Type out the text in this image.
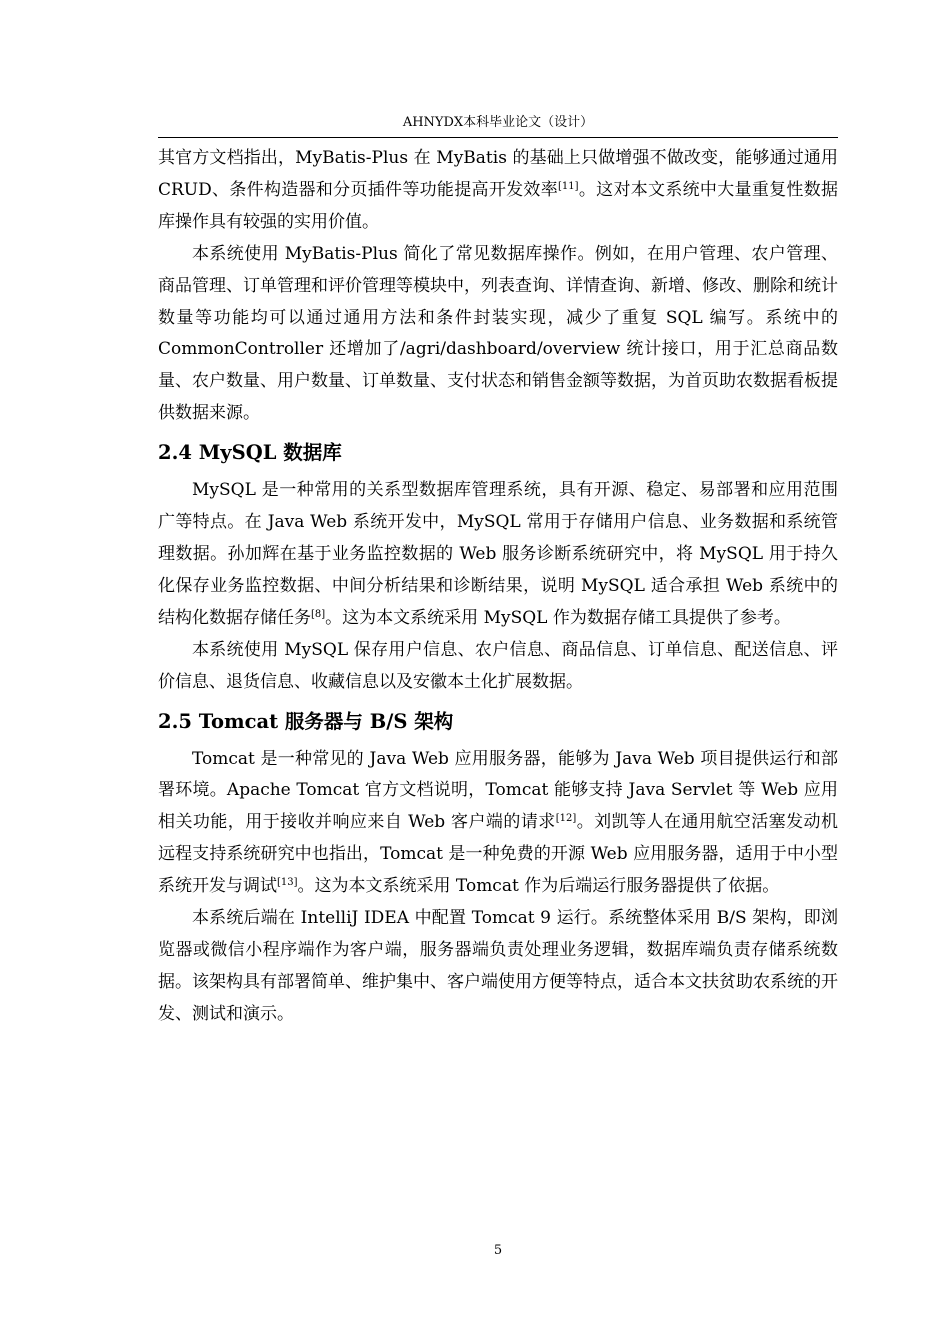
AHNYDX本科毕业论文（设计）

其官方文档指出，MyBatis-Plus 在 MyBatis 的基础上只做增强不做改变，能够通过通用 CRUD、条件构造器和分页插件等功能提高开发效率[11]。这对本文系统中大量重复性数据库操作具有较强的实用价值。

本系统使用 MyBatis-Plus 简化了常见数据库操作。例如，在用户管理、农户管理、商品管理、订单管理和评价管理等模块中，列表查询、详情查询、新增、修改、删除和统计数量等功能均可以通过通用方法和条件封装实现，减少了重复 SQL 编写。系统中的 CommonController 还增加了/agri/dashboard/overview 统计接口，用于汇总商品数量、农户数量、用户数量、订单数量、支付状态和销售金额等数据，为首页助农数据看板提供数据来源。

2.4 MySQL 数据库

MySQL 是一种常用的关系型数据库管理系统，具有开源、稳定、易部署和应用范围广等特点。在 Java Web 系统开发中，MySQL 常用于存储用户信息、业务数据和系统管理数据。孙加辉在基于业务监控数据的 Web 服务诊断系统研究中，将 MySQL 用于持久化保存业务监控数据、中间分析结果和诊断结果，说明 MySQL 适合承担 Web 系统中的结构化数据存储任务[8]。这为本文系统采用 MySQL 作为数据存储工具提供了参考。

本系统使用 MySQL 保存用户信息、农户信息、商品信息、订单信息、配送信息、评价信息、退货信息、收藏信息以及安徽本土化扩展数据。

2.5 Tomcat 服务器与 B/S 架构

Tomcat 是一种常见的 Java Web 应用服务器，能够为 Java Web 项目提供运行和部署环境。Apache Tomcat 官方文档说明，Tomcat 能够支持 Java Servlet 等 Web 应用相关功能，用于接收并响应来自 Web 客户端的请求[12]。刘凯等人在通用航空活塞发动机远程支持系统研究中也指出，Tomcat 是一种免费的开源 Web 应用服务器，适用于中小型系统开发与调试[13]。这为本文系统采用 Tomcat 作为后端运行服务器提供了依据。

本系统后端在 IntelliJ IDEA 中配置 Tomcat 9 运行。系统整体采用 B/S 架构，即浏览器或微信小程序端作为客户端，服务器端负责处理业务逻辑，数据库端负责存储系统数据。该架构具有部署简单、维护集中、客户端使用方便等特点，适合本文扶贫助农系统的开发、测试和演示。

5
